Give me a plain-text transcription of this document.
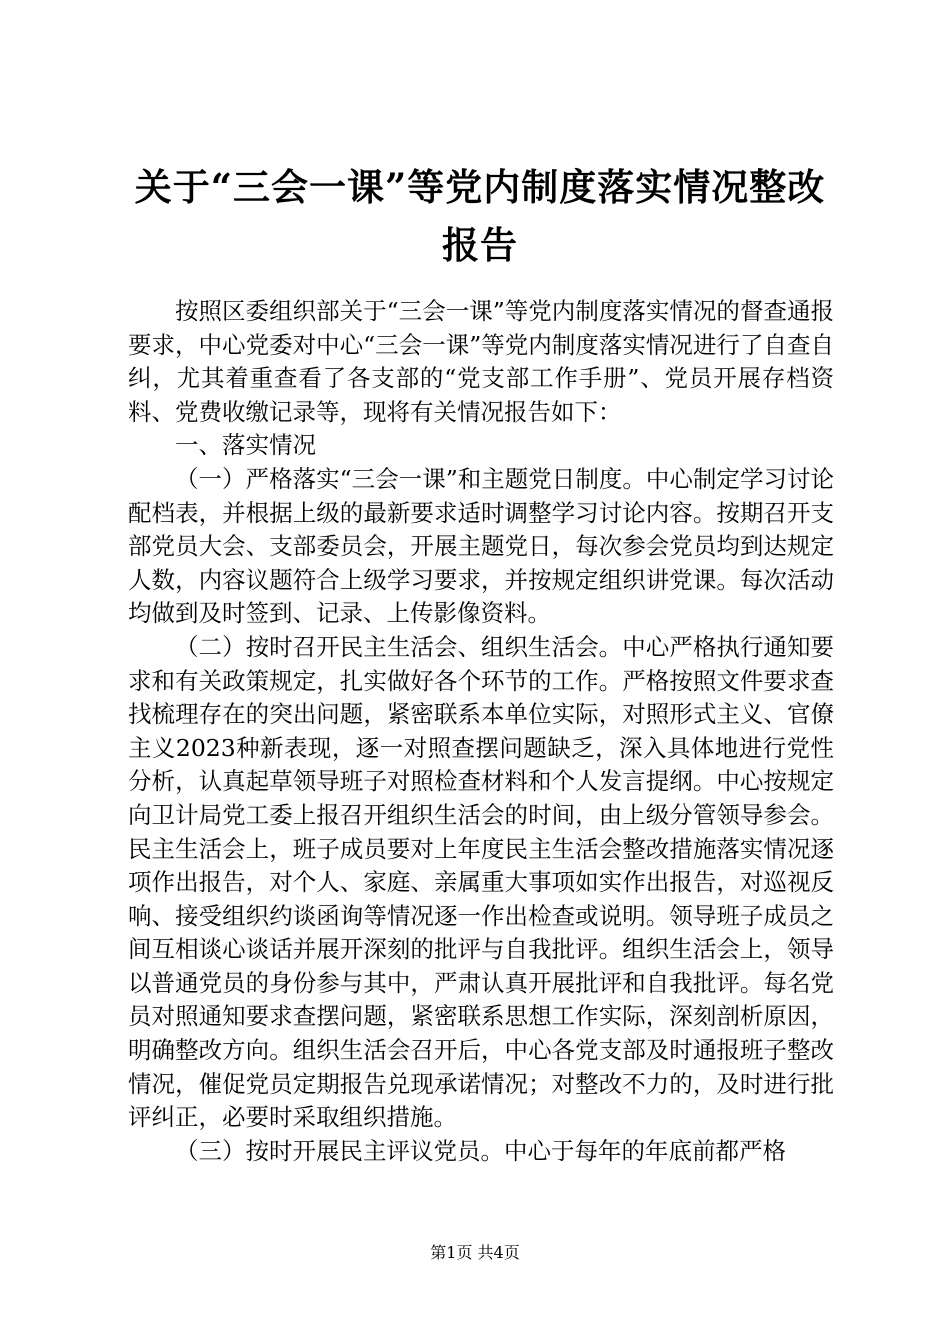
关于“三会一课”等党内制度落实情况整改报告

按照区委组织部关于“三会一课”等党内制度落实情况的督查通报要求，中心党委对中心“三会一课”等党内制度落实情况进行了自查自纠，尤其着重查看了各支部的“党支部工作手册”、党员开展存档资料、党费收缴记录等，现将有关情况报告如下：

一、落实情况

（一）严格落实“三会一课”和主题党日制度。中心制定学习讨论配档表，并根据上级的最新要求适时调整学习讨论内容。按期召开支部党员大会、支部委员会，开展主题党日，每次参会党员均到达规定人数，内容议题符合上级学习要求，并按规定组织讲党课。每次活动均做到及时签到、记录、上传影像资料。

（二）按时召开民主生活会、组织生活会。中心严格执行通知要求和有关政策规定，扎实做好各个环节的工作。严格按照文件要求查找梳理存在的突出问题，紧密联系本单位实际，对照形式主义、官僚主义2023种新表现，逐一对照查摆问题缺乏，深入具体地进行党性分析，认真起草领导班子对照检查材料和个人发言提纲。中心按规定向卫计局党工委上报召开组织生活会的时间，由上级分管领导参会。民主生活会上，班子成员要对上年度民主生活会整改措施落实情况逐项作出报告，对个人、家庭、亲属重大事项如实作出报告，对巡视反响、接受组织约谈函询等情况逐一作出检查或说明。领导班子成员之间互相谈心谈话并展开深刻的批评与自我批评。组织生活会上，领导以普通党员的身份参与其中，严肃认真开展批评和自我批评。每名党员对照通知要求查摆问题，紧密联系思想工作实际，深刻剖析原因，明确整改方向。组织生活会召开后，中心各党支部及时通报班子整改情况，催促党员定期报告兑现承诺情况；对整改不力的，及时进行批评纠正，必要时采取组织措施。

（三）按时开展民主评议党员。中心于每年的年底前都严格

第1页 共4页
